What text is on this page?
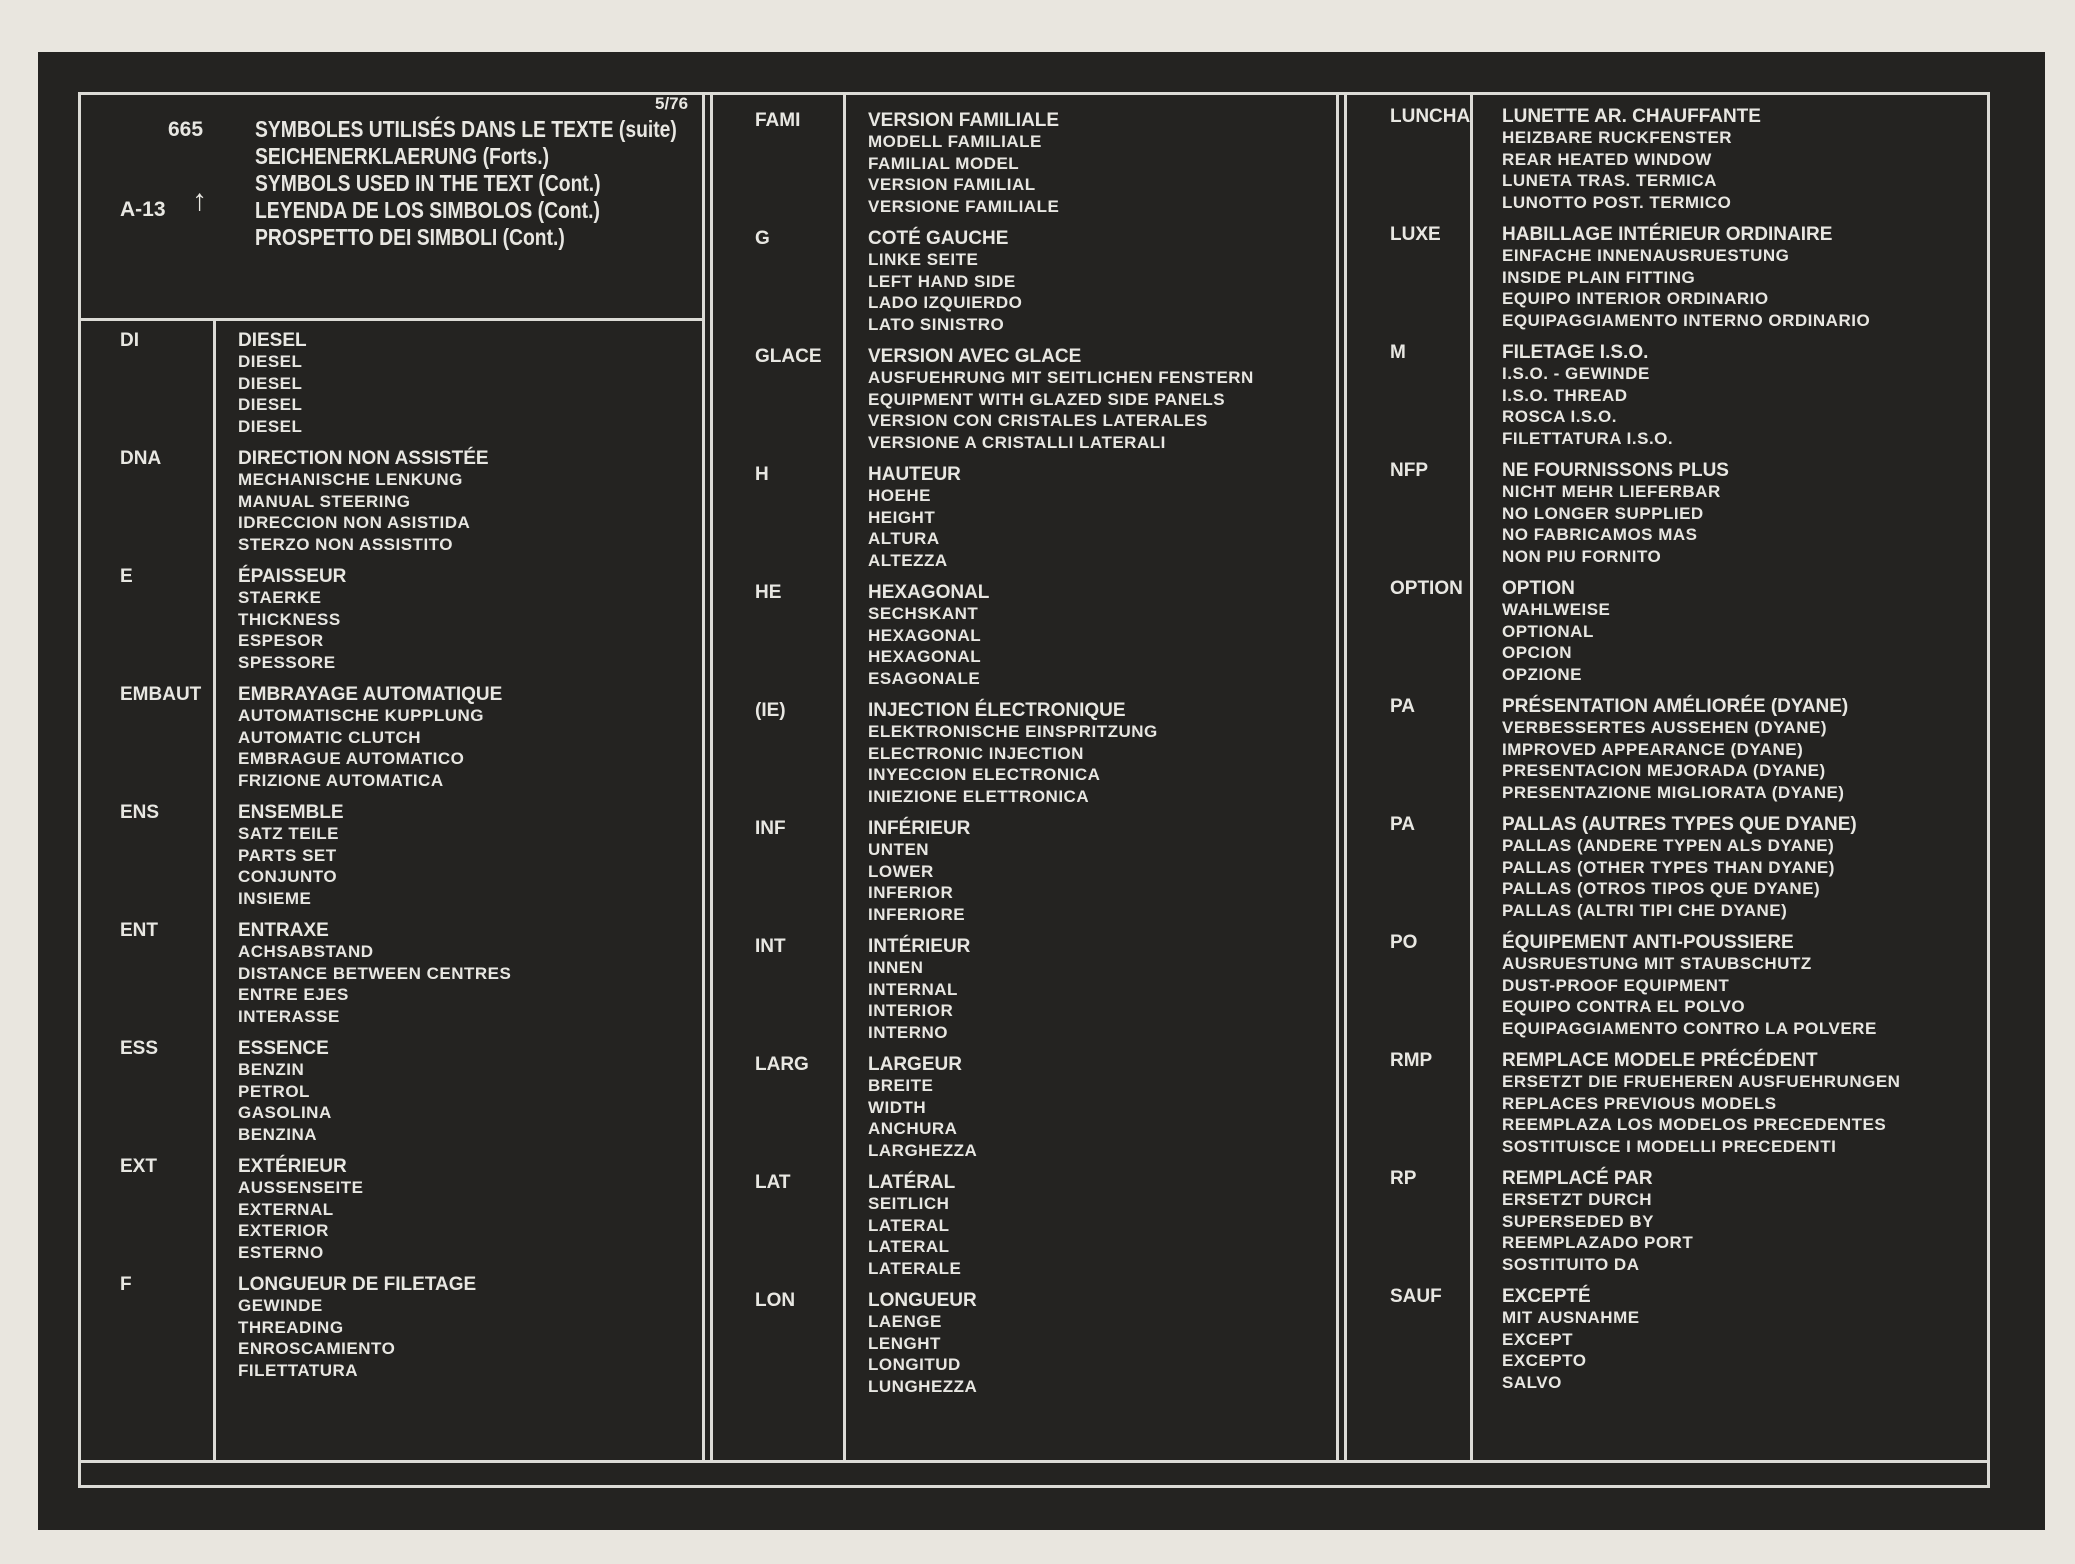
665
5/76
A-13 ↑
SYMBOLES UTILISÉS DANS LE TEXTE (suite)
SEICHENERKLAERUNG (Forts.)
SYMBOLS USED IN THE TEXT (Cont.)
LEYENDA DE LOS SIMBOLOS (Cont.)
PROSPETTO DEI SIMBOLI (Cont.)
DI	DIESEL
DIESEL
DIESEL
DIESEL
DIESEL
DNA	DIRECTION NON ASSISTÉE
MECHANISCHE LENKUNG
MANUAL STEERING
IDRECCION NON ASISTIDA
STERZO NON ASSISTITO
E	ÉPAISSEUR
STAERKE
THICKNESS
ESPESOR
SPESSORE
EMBAUT EMBRAYAGE AUTOMATIQUE
AUTOMATISCHE KUPPLUNG
AUTOMATIC CLUTCH
EMBRAGUE AUTOMATICO
FRIZIONE AUTOMATICA
ENS	ENSEMBLE
SATZ TEILE
PARTS SET
CONJUNTO
INSIEME
ENT	ENTRAXE
ACHSABSTAND
DISTANCE BETWEEN CENTRES
ENTRE EJES
INTERASSE
ESS	ESSENCE
BENZIN
PETROL
GASOLINA
BENZINA
EXT	EXTÉRIEUR
AUSSENSEITE
EXTERNAL
EXTERIOR
ESTERNO
F	LONGUEUR DE FILETAGE
GEWINDE
THREADING
ENROSCAMIENTO
FILETTATURA
FAMI	VERSION FAMILIALE
MODELL FAMILIALE
FAMILIAL MODEL
VERSION FAMILIAL
VERSIONE FAMILIALE
G	COTÉ GAUCHE
LINKE SEITE
LEFT HAND SIDE
LADO IZQUIERDO
LATO SINISTRO
GLACE VERSION AVEC GLACE
AUSFUEHRUNG MIT SEITLICHEN FENSTERN
EQUIPMENT WITH GLAZED SIDE PANELS
VERSION CON CRISTALES LATERALES
VERSIONE A CRISTALLI LATERALI
H	HAUTEUR
HOEHE
HEIGHT
ALTURA
ALTEZZA
HE	HEXAGONAL
SECHSKANT
HEXAGONAL
HEXAGONAL
ESAGONALE
(IE)	INJECTION ÉLECTRONIQUE
ELEKTRONISCHE EINSPRITZUNG
ELECTRONIC INJECTION
INYECCION ELECTRONICA
INIEZIONE ELETTRONICA
INF	INFÉRIEUR
UNTEN
LOWER
INFERIOR
INFERIORE
INT	INTÉRIEUR
INNEN
INTERNAL
INTERIOR
INTERNO
LARG	LARGEUR
BREITE
WIDTH
ANCHURA
LARGHEZZA
LAT	LATÉRAL
SEITLICH
LATERAL
LATERAL
LATERALE
LON	LONGUEUR
LAENGE
LENGHT
LONGITUD
LUNGHEZZA
LUNCHA LUNETTE AR. CHAUFFANTE
HEIZBARE RUCKFENSTER
REAR HEATED WINDOW
LUNETA TRAS. TERMICA
LUNOTTO POST. TERMICO
LUXE	HABILLAGE INTÉRIEUR ORDINAIRE
EINFACHE INNENAUSRUESTUNG
INSIDE PLAIN FITTING
EQUIPO INTERIOR ORDINARIO
EQUIPAGGIAMENTO INTERNO ORDINARIO
M	FILETAGE I.S.O.
I.S.O. - GEWINDE
I.S.O. THREAD
ROSCA I.S.O.
FILETTATURA I.S.O.
NFP	NE FOURNISSONS PLUS
NICHT MEHR LIEFERBAR
NO LONGER SUPPLIED
NO FABRICAMOS MAS
NON PIU FORNITO
OPTION OPTION
WAHLWEISE
OPTIONAL
OPCION
OPZIONE
PA	PRÉSENTATION AMÉLIORÉE (DYANE)
VERBESSERTES AUSSEHEN (DYANE)
IMPROVED APPEARANCE (DYANE)
PRESENTACION MEJORADA (DYANE)
PRESENTAZIONE MIGLIORATA (DYANE)
PA	PALLAS (AUTRES TYPES QUE DYANE)
PALLAS (ANDERE TYPEN ALS DYANE)
PALLAS (OTHER TYPES THAN DYANE)
PALLAS (OTROS TIPOS QUE DYANE)
PALLAS (ALTRI TIPI CHE DYANE)
PO	ÉQUIPEMENT ANTI-POUSSIERE
AUSRUESTUNG MIT STAUBSCHUTZ
DUST-PROOF EQUIPMENT
EQUIPO CONTRA EL POLVO
EQUIPAGGIAMENTO CONTRO LA POLVERE
RMP	REMPLACE MODELE PRÉCÉDENT
ERSETZT DIE FRUEHEREN AUSFUEHRUNGEN
REPLACES PREVIOUS MODELS
REEMPLAZA LOS MODELOS PRECEDENTES
SOSTITUISCE I MODELLI PRECEDENTI
RP	REMPLACÉ PAR
ERSETZT DURCH
SUPERSEDED BY
REEMPLAZADO PORT
SOSTITUITO DA
SAUF	EXCEPTÉ
MIT AUSNAHME
EXCEPT
EXCEPTO
SALVO
